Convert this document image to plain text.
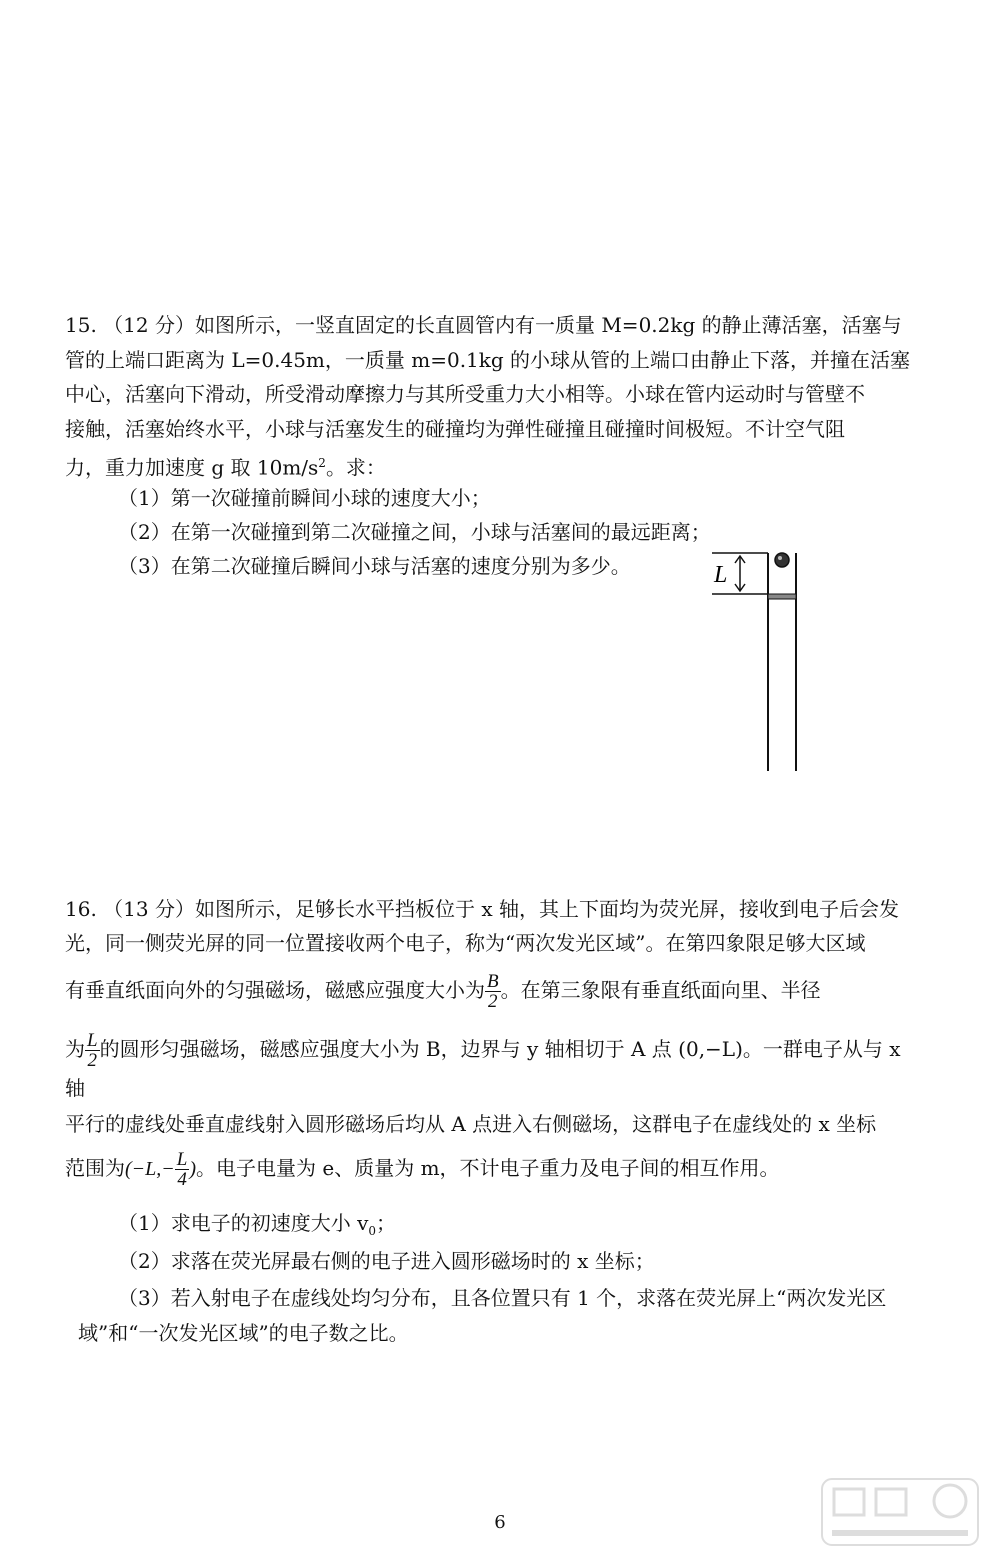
15. （12 分）如图所示，一竖直固定的长直圆管内有一质量 M=0.2kg 的静止薄活塞，活塞与
管的上端口距离为 L=0.45m，一质量 m=0.1kg 的小球从管的上端口由静止下落，并撞在活塞
中心，活塞向下滑动，所受滑动摩擦力与其所受重力大小相等。小球在管内运动时与管壁不
接触，活塞始终水平，小球与活塞发生的碰撞均为弹性碰撞且碰撞时间极短。不计空气阻
力，重力加速度 g 取 $10m/s^2$。求：
（1）第一次碰撞前瞬间小球的速度大小；
（2）在第一次碰撞到第二次碰撞之间，小球与活塞间的最远距离；
（3）在第二次碰撞后瞬间小球与活塞的速度分别为多少。	L
16. （13 分）如图所示，足够长水平挡板位于 x 轴，其上下面均为荧光屏，接收到电子后会发
光，同一侧荧光屏的同一位置接收两个电子，称为“两次发光区域”。在第四象限足够大区域
有垂直纸面向外的匀强磁场，磁感应强度大小为 $\frac{B}{2}$ 。在第三象限有垂直纸面向里、半径
为 $\frac{L}{2}$ 的圆形匀强磁场，磁感应强度大小为 B，边界与 y 轴相切于 A 点 (0,−L)。一群电子从与 x
轴
平行的虚线处垂直虚线射入圆形磁场后均从 A 点进入右侧磁场，这群电子在虚线处的 x 坐标
范围为($-L,- \frac{L}{4}$ )。电子电量为 e、质量为 m，不计电子重力及电子间的相互作用。
（1）求电子的初速度大小 $v_0$；
（2）求落在荧光屏最右侧的电子进入圆形磁场时的 x 坐标；
（3）若入射电子在虚线处均匀分布，且各位置只有 1 个，求落在荧光屏上“两次发光区
域”和“一次发光区域”的电子数之比。
6
